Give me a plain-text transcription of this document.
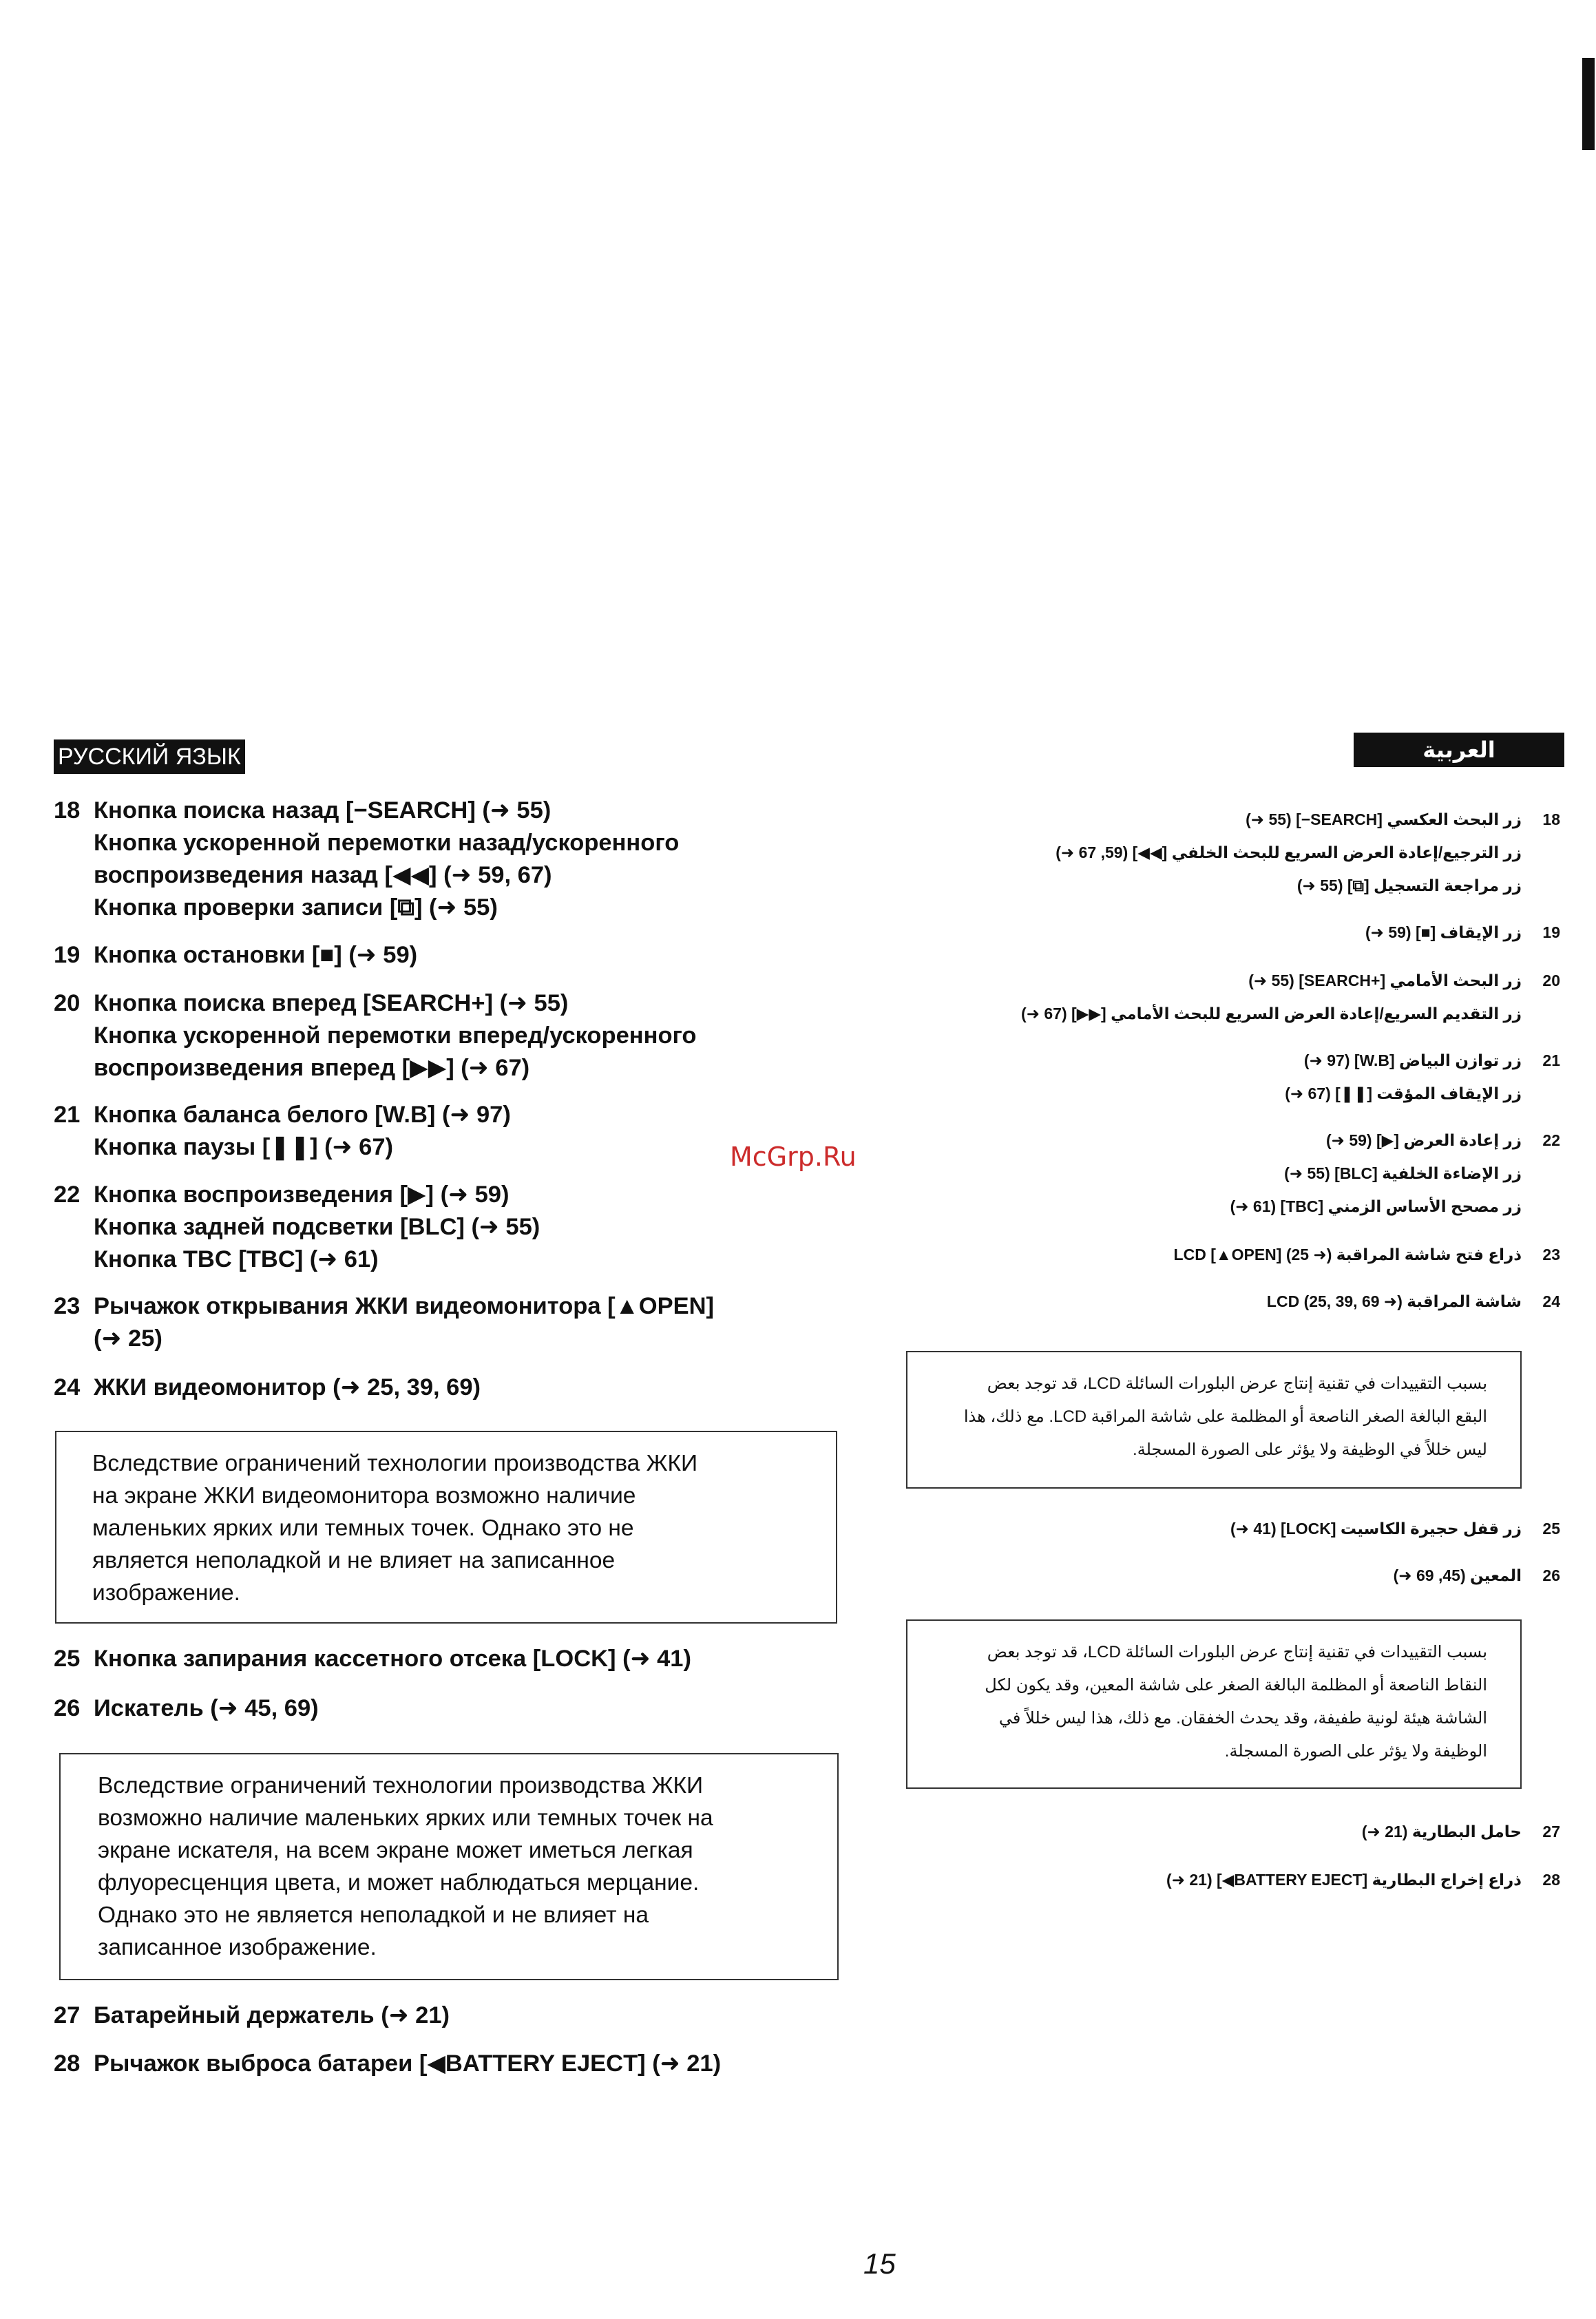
РУССКИЙ ЯЗЫК	العربية
18 Кнопка поиска назад [−SEARCH] (➜ 55)
Кнопка ускоренной перемотки назад/ускоренного
воспроизведения назад [◀◀] (➜ 59, 67)
Кнопка проверки записи [⧉] (➜ 55)
19 Кнопка остановки [■] (➜ 59)
20 Кнопка поиска вперед [SEARCH+] (➜ 55)
Кнопка ускоренной перемотки вперед/ускоренного
воспроизведения вперед [▶▶] (➜ 67)
21 Кнопка баланса белого [W.B] (➜ 97)
Кнопка паузы [❚❚] (➜ 67)
22 Кнопка воспроизведения [▶] (➜ 59)
Кнопка задней подсветки [BLC] (➜ 55)
Кнопка TBC [TBC] (➜ 61)
23 Рычажок открывания ЖКИ видеомонитора [▲OPEN]
(➜ 25)
24 ЖКИ видеомонитор (➜ 25, 39, 69)
Вследствие ограничений технологии производства ЖКИ
на экране ЖКИ видеомонитора возможно наличие
маленьких ярких или темных точек. Однако это не
является неполадкой и не влияет на записанное
изображение.
25 Кнопка запирания кассетного отсека [LOCK] (➜ 41)
26 Искатель (➜ 45, 69)
Вследствие ограничений технологии производства ЖКИ
возможно наличие маленьких ярких или темных точек на
экране искателя, на всем экране может иметься легкая
флуоресценция цвета, и может наблюдаться мерцание.
Однако это не является неполадкой и не влияет на
записанное изображение.
27 Батарейный держатель (➜ 21)
28 Рычажок выброса батареи [◀BATTERY EJECT] (➜ 21)
18
زر البحث العكسي [SEARCH−] (55 ➜)
زر الترجيع/إعادة العرض السريع للبحث الخلفي [◀◀] (59, 67 ➜)
زر مراجعة التسجيل [⧉] (55 ➜)
19
زر الإيقاف [■] (59 ➜)
20
زر البحث الأمامي [+SEARCH] (55 ➜)
زر التقديم السريع/إعادة العرض السريع للبحث الأمامي [▶▶] (67 ➜)
21
زر توازن البياض [W.B] (97 ➜)
زر الإيقاف المؤقت [❚❚] (67 ➜)
22
زر إعادة العرض [▶] (59 ➜)
زر الإضاءة الخلفية [BLC] (55 ➜)
زر مصحح الأساس الزمني [TBC] (61 ➜)
23
ذراع فتح شاشة المراقبة LCD [▲OPEN] (25 ➜)
24
شاشة المراقبة LCD (25, 39, 69 ➜)
بسبب التقييدات في تقنية إنتاج عرض البلورات السائلة LCD، قد توجد بعض
البقع البالغة الصغر الناصعة أو المظلمة على شاشة المراقبة LCD. مع ذلك، هذا
ليس خللاً في الوظيفة ولا يؤثر على الصورة المسجلة.
25
زر قفل حجيرة الكاسيت [LOCK] (41 ➜)
26
المعين (45, 69 ➜)
بسبب التقييدات في تقنية إنتاج عرض البلورات السائلة LCD، قد توجد بعض
النقاط الناصعة أو المظلمة البالغة الصغر على شاشة المعين، وقد يكون لكل
الشاشة هيئة لونية طفيفة، وقد يحدث الخفقان. مع ذلك، هذا ليس خللاً في
الوظيفة ولا يؤثر على الصورة المسجلة.
27
حامل البطارية (21 ➜)
28
ذراع إخراج البطارية [BATTERY EJECT◀] (21 ➜)
McGrp.Ru
15
